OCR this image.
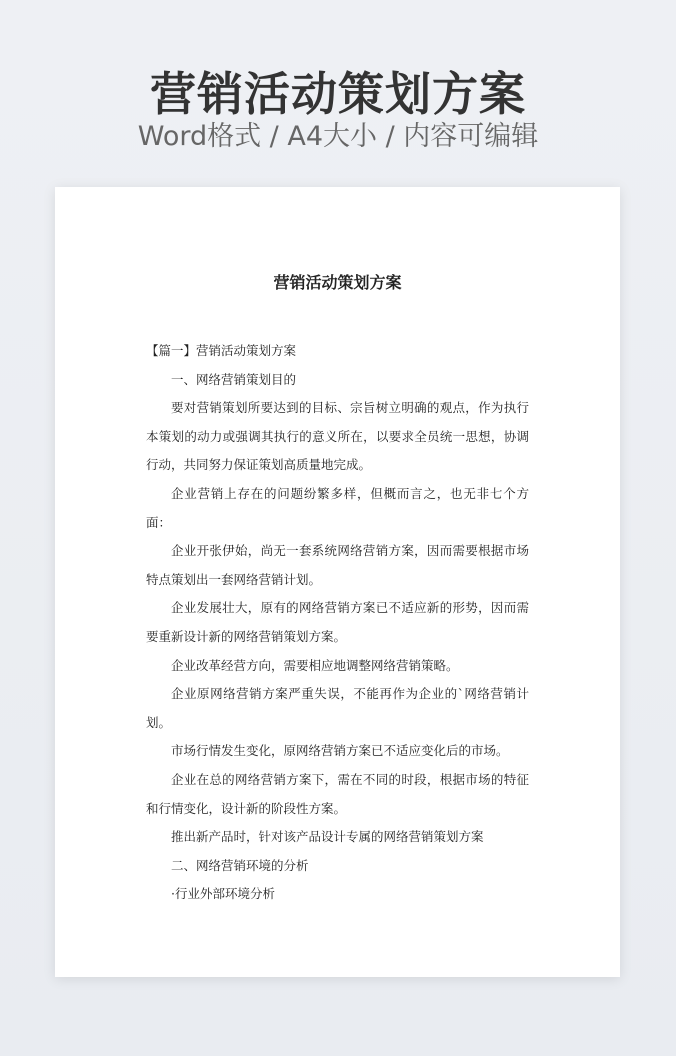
营销活动策划方案
Word格式 / A4大小 / 内容可编辑
营销活动策划方案

【篇一】营销活动策划方案

一、网络营销策划目的

要对营销策划所要达到的目标、宗旨树立明确的观点，作为执行本策划的动力或强调其执行的意义所在，以要求全员统一思想，协调行动，共同努力保证策划高质量地完成。

企业营销上存在的问题纷繁多样，但概而言之，也无非七个方面：

企业开张伊始，尚无一套系统网络营销方案，因而需要根据市场特点策划出一套网络营销计划。

企业发展壮大，原有的网络营销方案已不适应新的形势，因而需要重新设计新的网络营销策划方案。

企业改革经营方向，需要相应地调整网络营销策略。

企业原网络营销方案严重失误，不能再作为企业的`网络营销计划。

市场行情发生变化，原网络营销方案已不适应变化后的市场。

企业在总的网络营销方案下，需在不同的时段，根据市场的特征和行情变化，设计新的阶段性方案。

推出新产品时，针对该产品设计专属的网络营销策划方案

二、网络营销环境的分析

·行业外部环境分析
